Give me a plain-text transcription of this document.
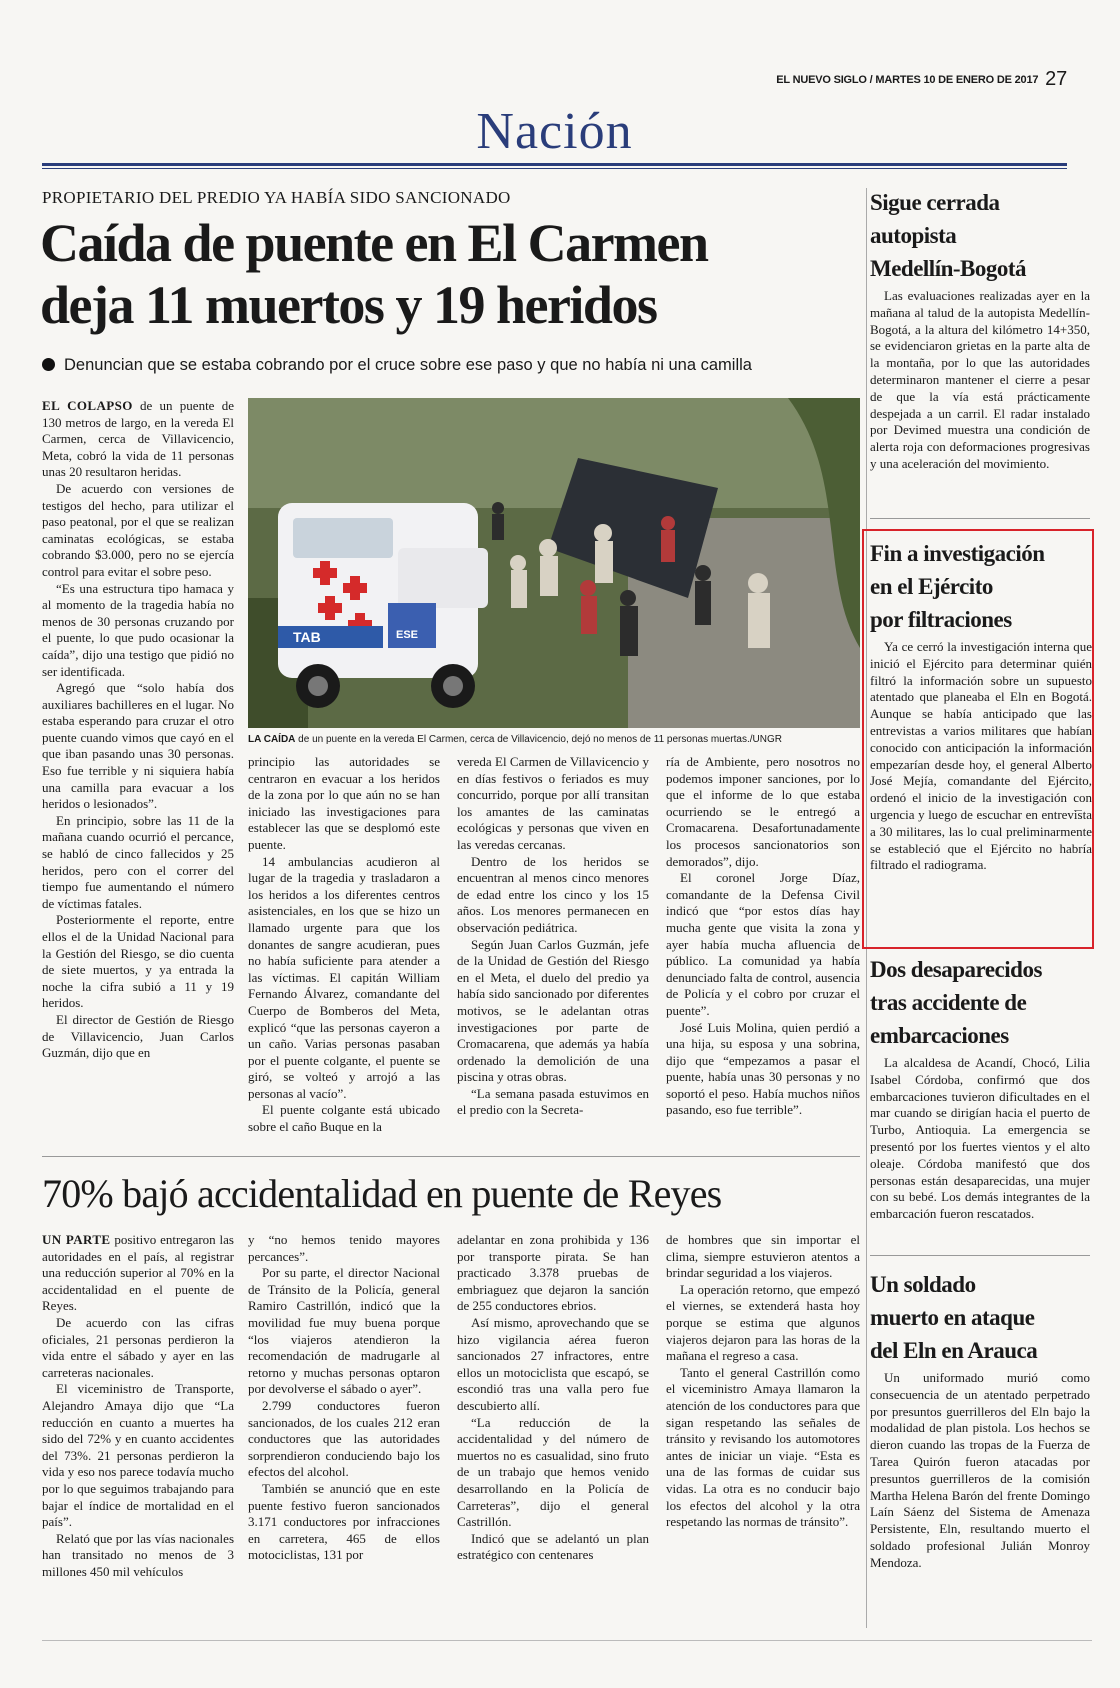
EL NUEVO SIGLO / MARTES 10 DE ENERO DE 2017 27
Nación
PROPIETARIO DEL PREDIO YA HABÍA SIDO SANCIONADO
Caída de puente en El Carmen
deja 11 muertos y 19 heridos
Denuncian que se estaba cobrando por el cruce sobre ese paso y que no había ni una camilla

EL COLAPSO de un puente de 130 metros de largo, en la vereda El Carmen, cerca de Villavicencio, Meta, cobró la vida de 11 personas unas 20 resultaron heridas.

De acuerdo con versiones de testigos del hecho, para utilizar el paso peatonal, por el que se realizan caminatas ecológicas, se estaba cobrando $3.000, pero no se ejercía control para evitar el sobre peso.

“Es una estructura tipo hamaca y al momento de la tragedia había no menos de 30 personas cruzando por el puente, lo que pudo ocasionar la caída”, dijo una testigo que pidió no ser identificada.

Agregó que “solo había dos auxiliares bachilleres en el lugar. No estaba esperando para cruzar el otro puente cuando vimos que cayó en el que iban pasando unas 30 personas. Eso fue terrible y ni siquiera había una camilla para evacuar a los heridos o lesionados”.

En principio, sobre las 11 de la mañana cuando ocurrió el percance, se habló de cinco fallecidos y 25 heridos, pero con el correr del tiempo fue aumentando el número de víctimas fatales.

Posteriormente el reporte, entre ellos el de la Unidad Nacional para la Gestión del Riesgo, se dio cuenta de siete muertos, y ya entrada la noche la cifra subió a 11 y 19 heridos.

El director de Gestión de Riesgo de Villavicencio, Juan Carlos Guzmán, dijo que en

ESE
TAB
LA CAÍDA de un puente en la vereda El Carmen, cerca de Villavicencio, dejó no menos de 11 personas muertas./UNGR

principio las autoridades se centraron en evacuar a los heridos de la zona por lo que aún no se han iniciado las investigaciones para establecer las que se desplomó este puente.

14 ambulancias acudieron al lugar de la tragedia y trasladaron a los heridos a los diferentes centros asistenciales, en los que se hizo un llamado urgente para que los donantes de sangre acudieran, pues no había suficiente para atender a las víctimas. El capitán William Fernando Álvarez, comandante del Cuerpo de Bomberos del Meta, explicó “que las personas cayeron a un caño. Varias personas pasaban por el puente colgante, el puente se giró, se volteó y arrojó a las personas al vacío”.

El puente colgante está ubicado sobre el caño Buque en la

vereda El Carmen de Villavicencio y en días festivos o feriados es muy concurrido, porque por allí transitan los amantes de las caminatas ecológicas y personas que viven en las veredas cercanas.

Dentro de los heridos se encuentran al menos cinco menores de edad entre los cinco y los 15 años. Los menores permanecen en observación pediátrica.

Según Juan Carlos Guzmán, jefe de la Unidad de Gestión del Riesgo en el Meta, el duelo del predio ya había sido sancionado por diferentes motivos, se le adelantan otras investigaciones por parte de Cromacarena, que además ya había ordenado la demolición de una piscina y otras obras.

“La semana pasada estuvimos en el predio con la Secreta-

ría de Ambiente, pero nosotros no podemos imponer sanciones, por lo que el informe de lo que estaba ocurriendo se le entregó a Cromacarena. Desafortunadamente los procesos sancionatorios son demorados”, dijo.

El coronel Jorge Díaz, comandante de la Defensa Civil indicó que “por estos días hay mucha gente que visita la zona y ayer había mucha afluencia de público. La comunidad ya había denunciado falta de control, ausencia de Policía y el cobro por cruzar el puente”.

José Luis Molina, quien perdió a una hija, su esposa y una sobrina, dijo que “empezamos a pasar el puente, había unas 30 personas y no soportó el peso. Había muchos niños pasando, eso fue terrible”.

70% bajó accidentalidad en puente de Reyes

UN PARTE positivo entregaron las autoridades en el país, al registrar una reducción superior al 70% en la accidentalidad en el puente de Reyes.

De acuerdo con las cifras oficiales, 21 personas perdieron la vida entre el sábado y ayer en las carreteras nacionales.

El viceministro de Transporte, Alejandro Amaya dijo que “La reducción en cuanto a muertes ha sido del 72% y en cuanto accidentes del 73%. 21 personas perdieron la vida y eso nos parece todavía mucho por lo que seguimos trabajando para bajar el índice de mortalidad en el país”.

Relató que por las vías nacionales han transitado no menos de 3 millones 450 mil vehículos

y “no hemos tenido mayores percances”.

Por su parte, el director Nacional de Tránsito de la Policía, general Ramiro Castrillón, indicó que la movilidad fue muy buena porque “los viajeros atendieron la recomendación de madrugarle al retorno y muchas personas optaron por devolverse el sábado o ayer”.

2.799 conductores fueron sancionados, de los cuales 212 eran conductores que las autoridades sorprendieron conduciendo bajo los efectos del alcohol.

También se anunció que en este puente festivo fueron sancionados 3.171 conductores por infracciones en carretera, 465 de ellos motociclistas, 131 por

adelantar en zona prohibida y 136 por transporte pirata. Se han practicado 3.378 pruebas de embriaguez que dejaron la sanción de 255 conductores ebrios.

Así mismo, aprovechando que se hizo vigilancia aérea fueron sancionados 27 infractores, entre ellos un motociclista que escapó, se escondió tras una valla pero fue descubierto allí.

“La reducción de la accidentalidad y del número de muertos no es casualidad, sino fruto de un trabajo que hemos venido desarrollando en la Policía de Carreteras”, dijo el general Castrillón.

Indicó que se adelantó un plan estratégico con centenares

de hombres que sin importar el clima, siempre estuvieron atentos a brindar seguridad a los viajeros.

La operación retorno, que empezó el viernes, se extenderá hasta hoy porque se estima que algunos viajeros dejaron para las horas de la mañana el regreso a casa.

Tanto el general Castrillón como el viceministro Amaya llamaron la atención de los conductores para que sigan respetando las señales de tránsito y revisando los automotores antes de iniciar un viaje. “Esta es una de las formas de cuidar sus vidas. La otra es no conducir bajo los efectos del alcohol y la otra respetando las normas de tránsito”.

Sigue cerrada
autopista
Medellín-Bogotá

Las evaluaciones realizadas ayer en la mañana al talud de la autopista Medellín-Bogotá, a la altura del kilómetro 14+350, se evidenciaron grietas en la parte alta de la montaña, por lo que las autoridades determinaron mantener el cierre a pesar de que la vía está prácticamente despejada a un carril. El radar instalado por Devimed muestra una condición de alerta roja con deformaciones progresivas y una aceleración del movimiento.

Fin a investigación
en el Ejército
por filtraciones

Ya ce cerró la investigación interna que inició el Ejército para determinar quién filtró la información sobre un supuesto atentado que planeaba el Eln en Bogotá. Aunque se había anticipado que las entrevistas a varios militares que habían conocido con anticipación la información empezarían desde hoy, el general Alberto José Mejía, comandante del Ejército, ordenó el inicio de la investigación con urgencia y luego de escuchar en entrevista a 30 militares, las lo cual preliminarmente se estableció que el Ejército no habría filtrado el radiograma.

Dos desaparecidos
tras accidente de
embarcaciones

La alcaldesa de Acandí, Chocó, Lilia Isabel Córdoba, confirmó que dos embarcaciones tuvieron dificultades en el mar cuando se dirigían hacia el puerto de Turbo, Antioquia. La emergencia se presentó por los fuertes vientos y el alto oleaje. Córdoba manifestó que dos personas están desaparecidas, una mujer con su bebé. Los demás integrantes de la embarcación fueron rescatados.

Un soldado
muerto en ataque
del Eln en Arauca

Un uniformado murió como consecuencia de un atentado perpetrado por presuntos guerrilleros del Eln bajo la modalidad de plan pistola. Los hechos se dieron cuando las tropas de la Fuerza de Tarea Quirón fueron atacadas por presuntos guerrilleros de la comisión Martha Helena Barón del frente Domingo Laín Sáenz del Sistema de Amenaza Persistente, Eln, resultando muerto el soldado profesional Julián Monroy Mendoza.
